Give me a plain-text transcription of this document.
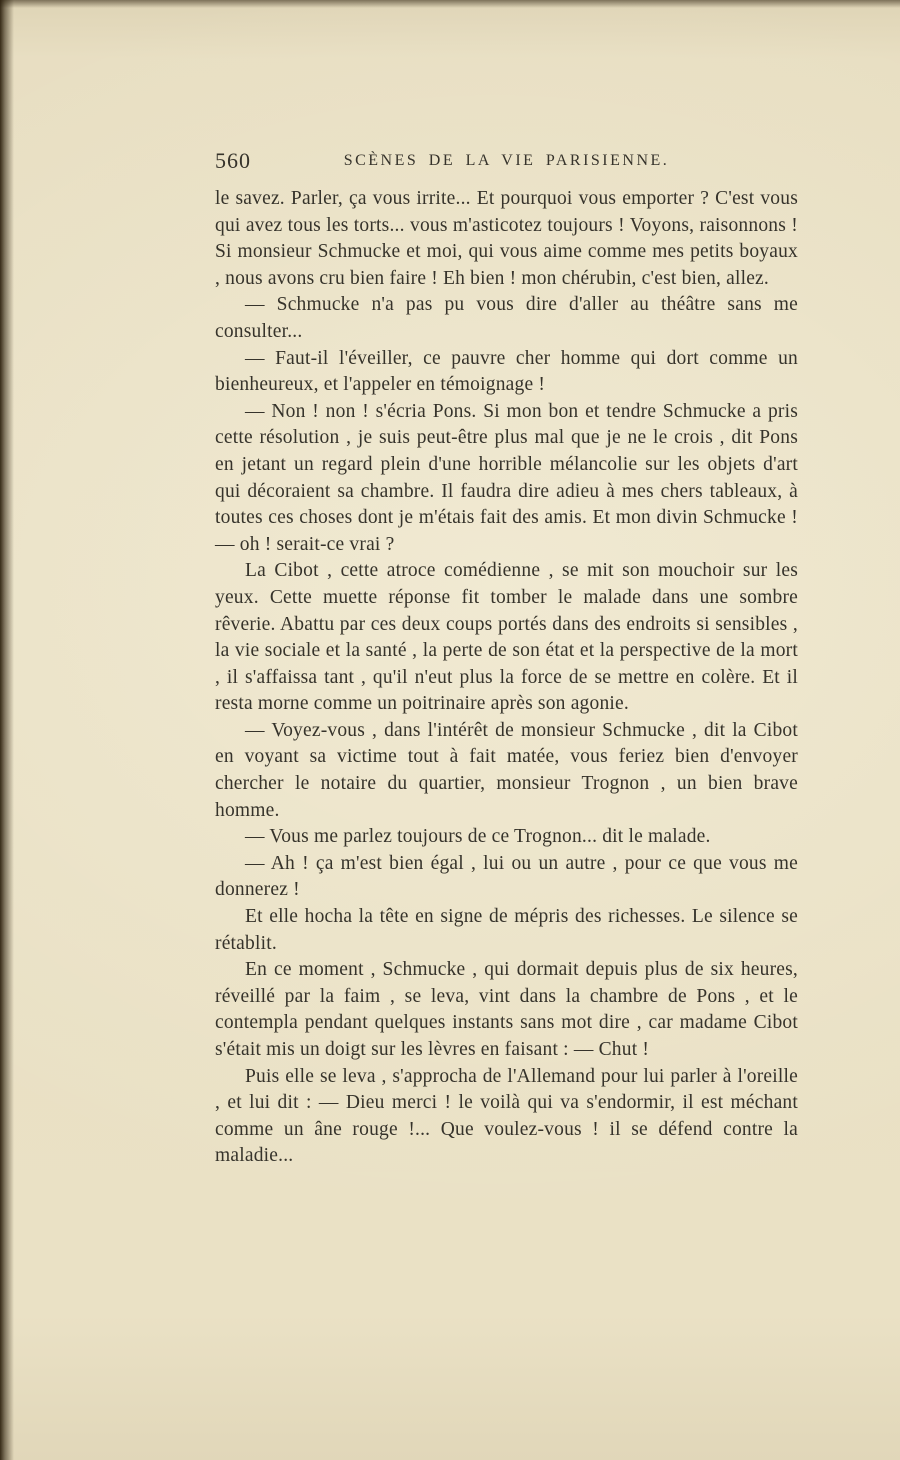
560	SCÈNES DE LA VIE PARISIENNE.

le savez. Parler, ça vous irrite... Et pourquoi vous emporter ? C'est vous qui avez tous les torts... vous m'asticotez toujours ! Voyons, raisonnons ! Si monsieur Schmucke et moi, qui vous aime comme mes petits boyaux , nous avons cru bien faire ! Eh bien ! mon chérubin, c'est bien, allez.

— Schmucke n'a pas pu vous dire d'aller au théâtre sans me consulter...

— Faut-il l'éveiller, ce pauvre cher homme qui dort comme un bienheureux, et l'appeler en témoignage !

— Non ! non ! s'écria Pons. Si mon bon et tendre Schmucke a pris cette résolution , je suis peut-être plus mal que je ne le crois , dit Pons en jetant un regard plein d'une horrible mélancolie sur les objets d'art qui décoraient sa chambre. Il faudra dire adieu à mes chers tableaux, à toutes ces choses dont je m'étais fait des amis. Et mon divin Schmucke ! — oh ! serait-ce vrai ?

La Cibot , cette atroce comédienne , se mit son mouchoir sur les yeux. Cette muette réponse fit tomber le malade dans une sombre rêverie. Abattu par ces deux coups portés dans des endroits si sensibles , la vie sociale et la santé , la perte de son état et la perspective de la mort , il s'affaissa tant , qu'il n'eut plus la force de se mettre en colère. Et il resta morne comme un poitrinaire après son agonie.

— Voyez-vous , dans l'intérêt de monsieur Schmucke , dit la Cibot en voyant sa victime tout à fait matée, vous feriez bien d'envoyer chercher le notaire du quartier, monsieur Trognon , un bien brave homme.

— Vous me parlez toujours de ce Trognon... dit le malade.

— Ah ! ça m'est bien égal , lui ou un autre , pour ce que vous me donnerez !

Et elle hocha la tête en signe de mépris des richesses. Le silence se rétablit.

En ce moment , Schmucke , qui dormait depuis plus de six heures, réveillé par la faim , se leva, vint dans la chambre de Pons , et le contempla pendant quelques instants sans mot dire , car madame Cibot s'était mis un doigt sur les lèvres en faisant : — Chut !

Puis elle se leva , s'approcha de l'Allemand pour lui parler à l'oreille , et lui dit : — Dieu merci ! le voilà qui va s'endormir, il est méchant comme un âne rouge !... Que voulez-vous ! il se défend contre la maladie...
